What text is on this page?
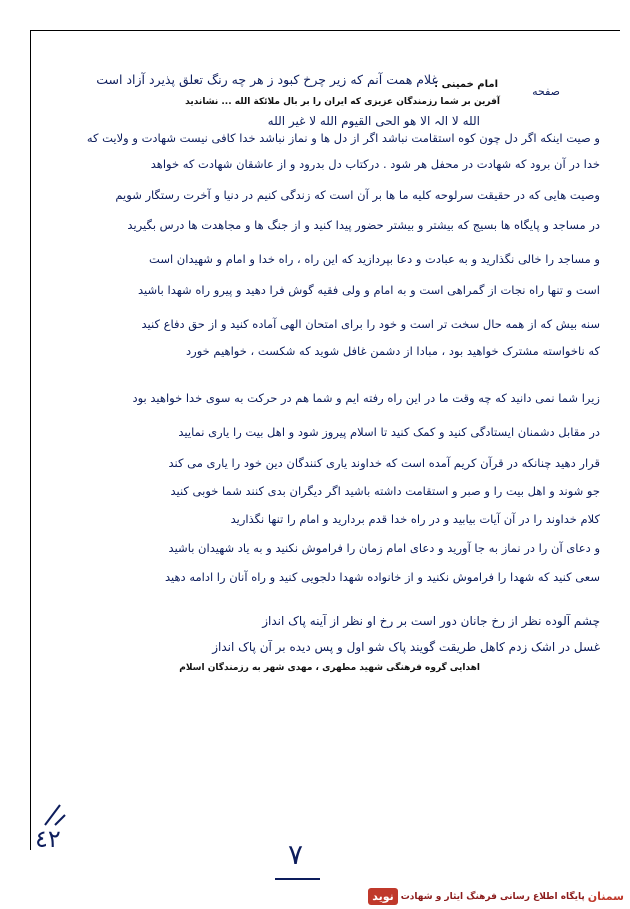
امام خمینی :
صفحه
غلام همت آنم که زیر چرخ کبود ز هر چه رنگ تعلق پذیرد آزاد است
آفرین بر شما رزمندگان عزیزی که ایران را بر بال ملائکة الله ... نشاندید
الله لا الہ الا هو الحی القیوم الله لا غیر الله
و صیت اینکه اگر دل چون کوه استقامت نباشد اگر از دل ها و نماز نباشد خدا کافی نیست شهادت و ولایت که
خدا در آن برود که شهادت در محفل هر شود . درکتاب دل بدرود و از عاشقان شهادت که خواهد
وصیت هایی که در حقیقت سرلوحه کلیه ما ها بر آن است که زندگی کنیم در دنیا و آخرت رستگار شویم
در مساجد و پایگاه ها بسیج که بیشتر و بیشتر حضور پیدا کنید و از جنگ ها و مجاهدت ها درس بگیرید
و مساجد را خالی نگذارید و به عبادت و دعا بپردازید که این راه ، راه خدا و امام و شهیدان است
است و تنها راه نجات از گمراهی است و به امام و ولی فقیه گوش فرا دهید و پیرو راه شهدا باشید
سنه بیش که از همه حال سخت تر است و خود را برای امتحان الهی آماده کنید و از حق دفاع کنید
که ناخواسته مشترک خواهید بود ، مبادا از دشمن غافل شوید که شکست ، خواهیم خورد
زیرا شما نمی دانید که چه وقت ما در این راه رفته ایم و شما هم در حرکت به سوی خدا خواهید بود
در مقابل دشمنان ایستادگی کنید و کمک کنید تا اسلام پیروز شود و اهل بیت را یاری نمایید
قرار دهید چنانکه در قرآن کریم آمده است که خداوند یاری کنندگان دین خود را یاری می کند
جو شوند و اهل بیت را و صبر و استقامت داشته باشید اگر دیگران بدی کنند شما خوبی کنید
کلام خداوند را در آن آیات بیابید و در راه خدا قدم بردارید و امام را تنها نگذارید
و دعای آن را در نماز به جا آورید و دعای امام زمان را فراموش نکنید و به یاد شهیدان باشید
سعی کنید که شهدا را فراموش نکنید و از خانواده شهدا دلجویی کنید و راه آنان را ادامه دهید
چشم آلوده نظر از رخ جانان دور است بر رخ او نظر از آینه پاک انداز
غسل در اشک زدم کاهل طریقت گویند پاک شو اول و پس دیده بر آن پاک انداز
اهدایی گروه فرهنگی شهید مطهری ، مهدی شهر به رزمندگان اسلام
٤٢	٧
سمنان
پایگاه اطلاع رسانی فرهنگ ایثار و شهادت
نوید
